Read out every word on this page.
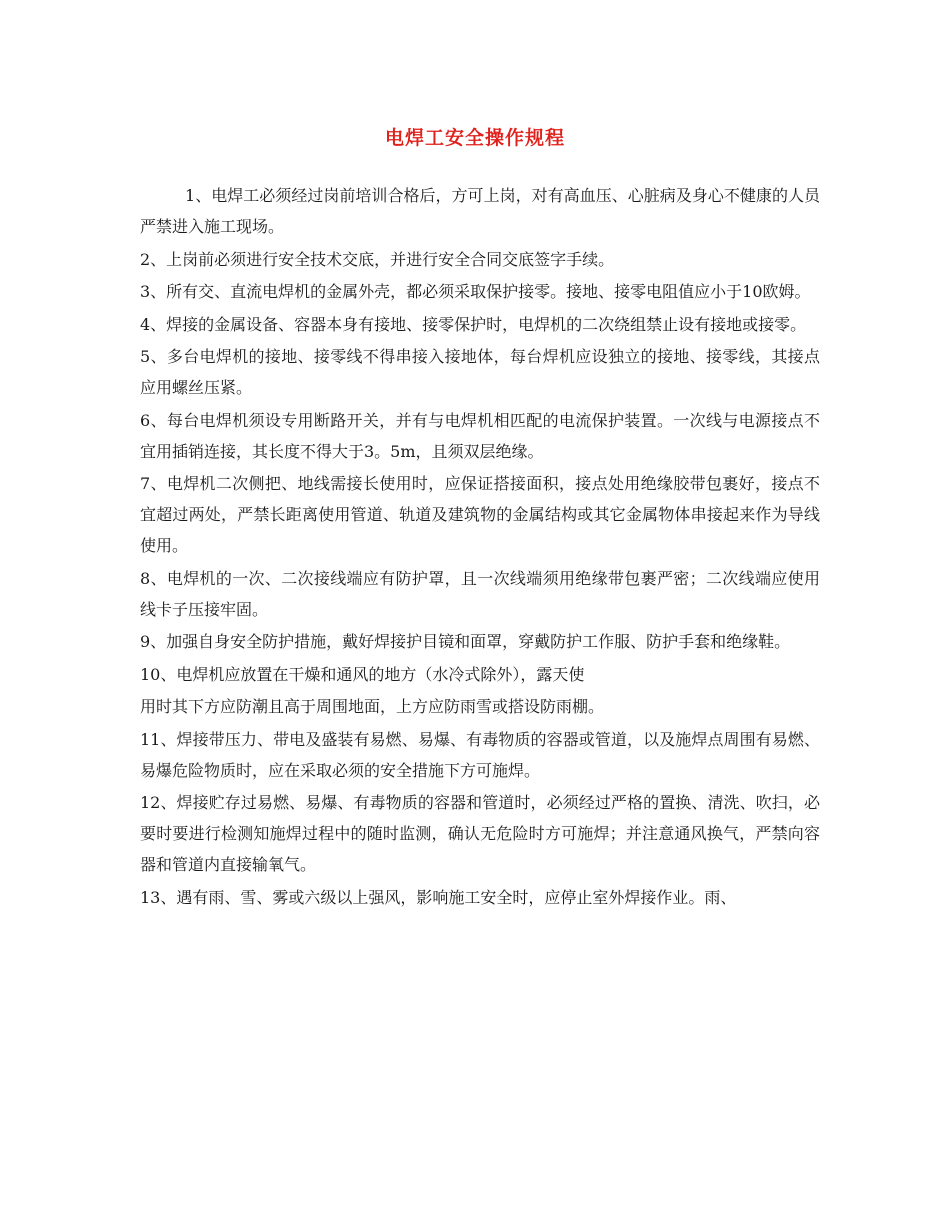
电焊工安全操作规程

1、电焊工必须经过岗前培训合格后，方可上岗，对有高血压、心脏病及身心不健康的人员严禁进入施工现场。

2、上岗前必须进行安全技术交底，并进行安全合同交底签字手续。

3、所有交、直流电焊机的金属外壳，都必须采取保护接零。接地、接零电阻值应小于10欧姆。

4、焊接的金属设备、容器本身有接地、接零保护时，电焊机的二次绕组禁止设有接地或接零。

5、多台电焊机的接地、接零线不得串接入接地体，每台焊机应设独立的接地、接零线，其接点应用螺丝压紧。

6、每台电焊机须设专用断路开关，并有与电焊机相匹配的电流保护装置。一次线与电源接点不宜用插销连接，其长度不得大于3。5m，且须双层绝缘。

7、电焊机二次侧把、地线需接长使用时，应保证搭接面积，接点处用绝缘胶带包裹好，接点不宜超过两处，严禁长距离使用管道、轨道及建筑物的金属结构或其它金属物体串接起来作为导线使用。

8、电焊机的一次、二次接线端应有防护罩，且一次线端须用绝缘带包裹严密；二次线端应使用线卡子压接牢固。

9、加强自身安全防护措施，戴好焊接护目镜和面罩，穿戴防护工作服、防护手套和绝缘鞋。

10、电焊机应放置在干燥和通风的地方（水冷式除外），露天使

用时其下方应防潮且高于周围地面，上方应防雨雪或搭设防雨棚。

11、焊接带压力、带电及盛装有易燃、易爆、有毒物质的容器或管道，以及施焊点周围有易燃、易爆危险物质时，应在采取必须的安全措施下方可施焊。

12、焊接贮存过易燃、易爆、有毒物质的容器和管道时，必须经过严格的置换、清洗、吹扫，必要时要进行检测知施焊过程中的随时监测，确认无危险时方可施焊；并注意通风换气，严禁向容器和管道内直接输氧气。

13、遇有雨、雪、雾或六级以上强风，影响施工安全时，应停止室外焊接作业。雨、
